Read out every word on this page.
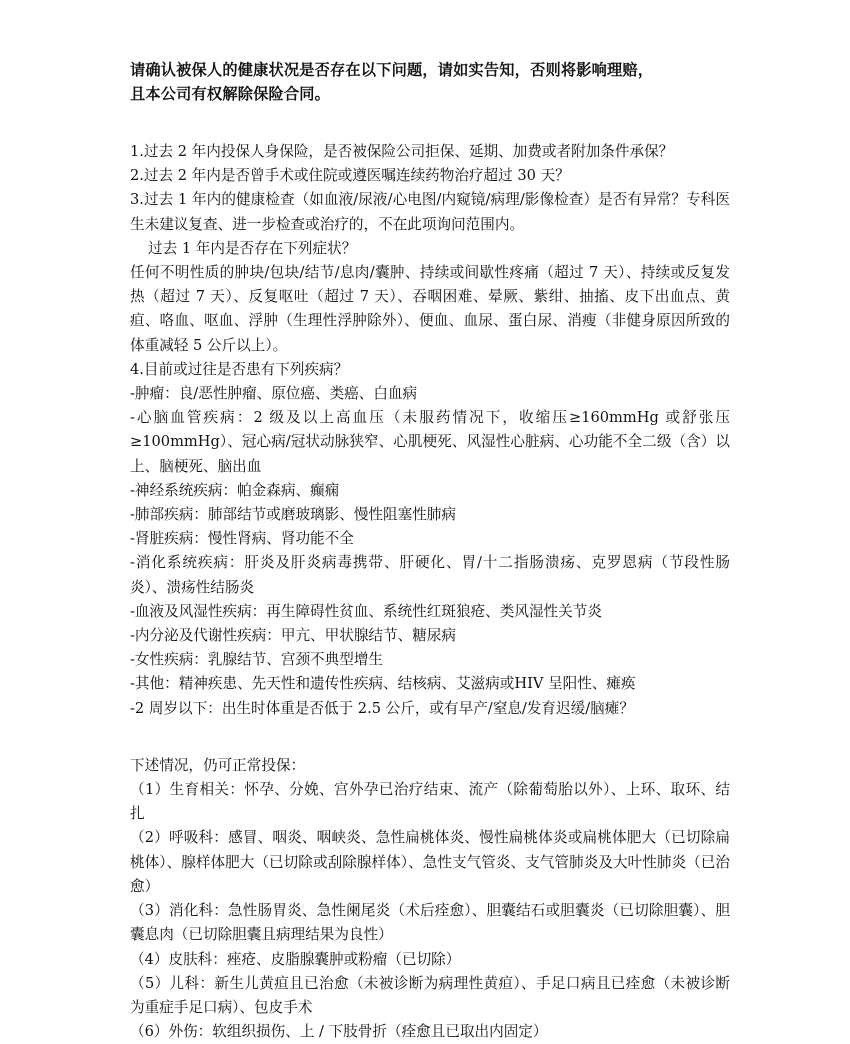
请确认被保人的健康状况是否存在以下问题，请如实告知，否则将影响理赔，

且本公司有权解除保险合同。

1.过去 2 年内投保人身保险，是否被保险公司拒保、延期、加费或者附加条件承保？

2.过去 2 年内是否曾手术或住院或遵医嘱连续药物治疗超过 30 天？

3.过去 1 年内的健康检查（如血液/尿液/心电图/内窥镜/病理/影像检查）是否有异常？专科医生未建议复查、进一步检查或治疗的，不在此项询问范围内。

过去 1 年内是否存在下列症状？

任何不明性质的肿块/包块/结节/息肉/囊肿、持续或间歇性疼痛（超过 7 天）、持续或反复发热（超过 7 天）、反复呕吐（超过 7 天）、吞咽困难、晕厥、紫绀、抽搐、皮下出血点、黄疸、咯血、呕血、浮肿（生理性浮肿除外）、便血、血尿、蛋白尿、消瘦（非健身原因所致的体重减轻 5 公斤以上）。

4.目前或过往是否患有下列疾病？

-肿瘤：良/恶性肿瘤、原位癌、类癌、白血病

-心脑血管疾病：2 级及以上高血压（未服药情况下，收缩压≥160mmHg 或舒张压≥100mmHg）、冠心病/冠状动脉狭窄、心肌梗死、风湿性心脏病、心功能不全二级（含）以上、脑梗死、脑出血

-神经系统疾病：帕金森病、癫痫

-肺部疾病：肺部结节或磨玻璃影、慢性阻塞性肺病

-肾脏疾病：慢性肾病、肾功能不全

-消化系统疾病：肝炎及肝炎病毒携带、肝硬化、胃/十二指肠溃疡、克罗恩病（节段性肠炎）、溃疡性结肠炎

-血液及风湿性疾病：再生障碍性贫血、系统性红斑狼疮、类风湿性关节炎

-内分泌及代谢性疾病：甲亢、甲状腺结节、糖尿病

-女性疾病：乳腺结节、宫颈不典型增生

-其他：精神疾患、先天性和遗传性疾病、结核病、艾滋病或HIV 呈阳性、瘫痪

-2 周岁以下：出生时体重是否低于 2.5 公斤，或有早产/窒息/发育迟缓/脑瘫？

下述情况，仍可正常投保：

（1）生育相关：怀孕、分娩、宫外孕已治疗结束、流产（除葡萄胎以外）、上环、取环、结扎

（2）呼吸科：感冒、咽炎、咽峡炎、急性扁桃体炎、慢性扁桃体炎或扁桃体肥大（已切除扁桃体）、腺样体肥大（已切除或刮除腺样体）、急性支气管炎、支气管肺炎及大叶性肺炎（已治愈）

（3）消化科：急性肠胃炎、急性阑尾炎（术后痊愈）、胆囊结石或胆囊炎（已切除胆囊）、胆囊息肉（已切除胆囊且病理结果为良性）

（4）皮肤科：痤疮、皮脂腺囊肿或粉瘤（已切除）

（5）儿科：新生儿黄疸且已治愈（未被诊断为病理性黄疸）、手足口病且已痊愈（未被诊断为重症手足口病）、包皮手术

（6）外伤：软组织损伤、上 / 下肢骨折（痊愈且已取出内固定）
